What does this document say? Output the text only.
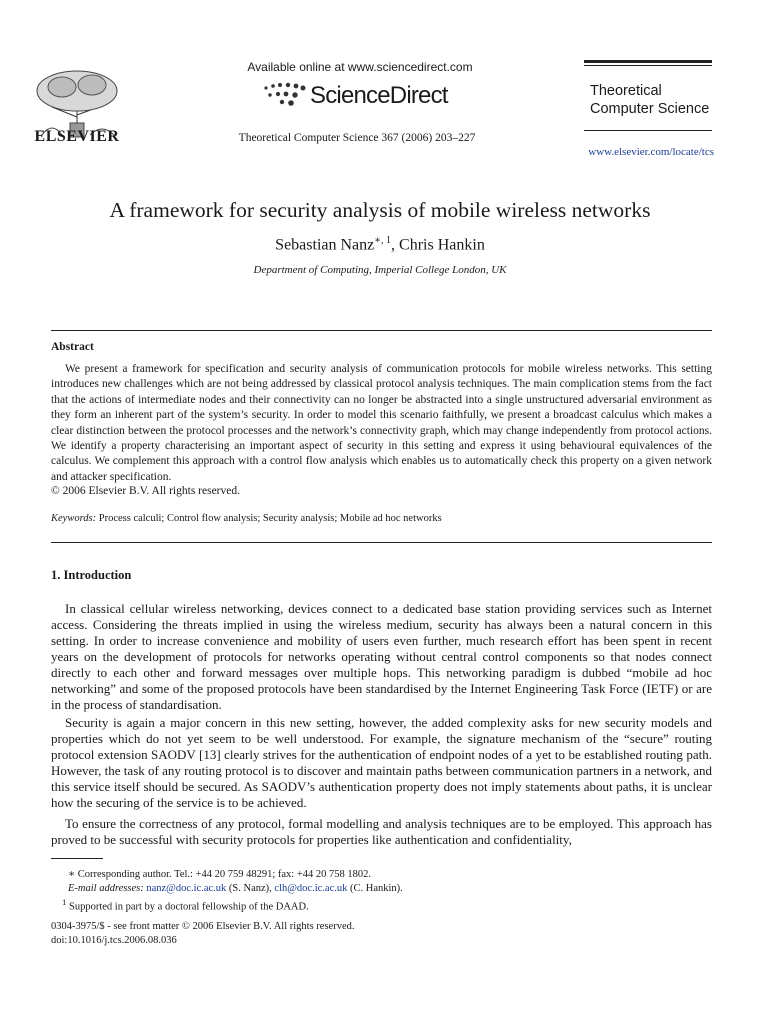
ELSEVIER
Available online at www.sciencedirect.com
ScienceDirect
Theoretical Computer Science 367 (2006) 203–227
Theoretical
Computer Science
www.elsevier.com/locate/tcs
A framework for security analysis of mobile wireless networks
Sebastian Nanz$^{∗, 1}$, Chris Hankin
Department of Computing, Imperial College London, UK
Abstract

We present a framework for specification and security analysis of communication protocols for mobile wireless networks. This setting introduces new challenges which are not being addressed by classical protocol analysis techniques. The main complication stems from the fact that the actions of intermediate nodes and their connectivity can no longer be abstracted into a single unstructured adversarial environment as they form an inherent part of the system’s security. In order to model this scenario faithfully, we present a broadcast calculus which makes a clear distinction between the protocol processes and the network’s connectivity graph, which may change independently from protocol actions. We identify a property characterising an important aspect of security in this setting and express it using behavioural equivalences of the calculus. We complement this approach with a control flow analysis which enables us to automatically check this property on a given network and attacker specification.

© 2006 Elsevier B.V. All rights reserved.
Keywords: Process calculi; Control flow analysis; Security analysis; Mobile ad hoc networks
1. Introduction

In classical cellular wireless networking, devices connect to a dedicated base station providing services such as Internet access. Considering the threats implied in using the wireless medium, security has always been a natural concern in this setting. In order to increase convenience and mobility of users even further, much research effort has been spent in recent years on the development of protocols for networks operating without central control components so that nodes connect directly to each other and forward messages over multiple hops. This networking paradigm is dubbed “mobile ad hoc networking” and some of the proposed protocols have been standardised by the Internet Engineering Task Force (IETF) or are in the process of standardisation.

Security is again a major concern in this new setting, however, the added complexity asks for new security models and properties which do not yet seem to be well understood. For example, the signature mechanism of the “secure” routing protocol extension SAODV [13] clearly strives for the authentication of endpoint nodes of a yet to be established routing path. However, the task of any routing protocol is to discover and maintain paths between communication partners in a network, and this service itself should be secured. As SAODV’s authentication property does not imply statements about paths, it is unclear how the securing of the service is to be achieved.

To ensure the correctness of any protocol, formal modelling and analysis techniques are to be employed. This approach has proved to be successful with security protocols for properties like authentication and confidentiality,

∗ Corresponding author. Tel.: +44 20 759 48291; fax: +44 20 758 1802.
E-mail addresses: nanz@doc.ic.ac.uk (S. Nanz), clh@doc.ic.ac.uk (C. Hankin).
$^1$ Supported in part by a doctoral fellowship of the DAAD.
0304-3975/$ - see front matter © 2006 Elsevier B.V. All rights reserved.
doi:10.1016/j.tcs.2006.08.036
